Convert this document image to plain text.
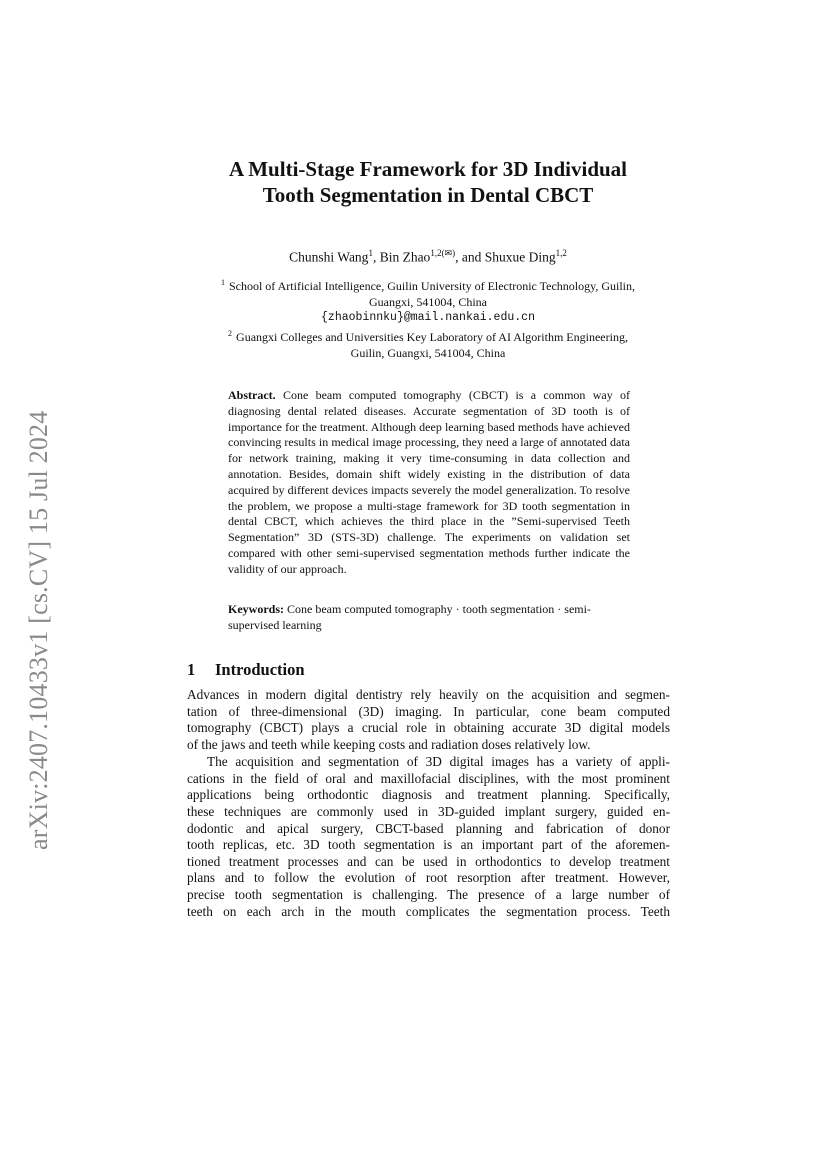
arXiv:2407.10433v1 [cs.CV] 15 Jul 2024
A Multi-Stage Framework for 3D Individual
Tooth Segmentation in Dental CBCT
Chunshi Wang$^1$, Bin Zhao$^{1,2(✉)}$, and Shuxue Ding$^{1,2}$
$^1$ School of Artificial Intelligence, Guilin University of Electronic Technology, Guilin,
Guangxi, 541004, China
{zhaobinnku}@mail.nankai.edu.cn
$^2$ Guangxi Colleges and Universities Key Laboratory of AI Algorithm Engineering,
Guilin, Guangxi, 541004, China
Abstract. Cone beam computed tomography (CBCT) is a common way of diagnosing dental related diseases. Accurate segmentation of 3D tooth is of importance for the treatment. Although deep learning based methods have achieved convincing results in medical image processing, they need a large of annotated data for network training, making it very time-consuming in data collection and annotation. Besides, domain shift widely existing in the distribution of data acquired by different devices impacts severely the model generalization. To resolve the problem, we propose a multi-stage framework for 3D tooth segmentation in dental CBCT, which achieves the third place in the ”Semi-supervised Teeth Segmentation” 3D (STS-3D) challenge. The experiments on validation set compared with other semi-supervised segmentation methods further indicate the validity of our approach.
Keywords: Cone beam computed tomography · tooth segmentation · semi-supervised learning
1 Introduction
Advances in modern digital dentistry rely heavily on the acquisition and segmen-
tation of three-dimensional (3D) imaging. In particular, cone beam computed
tomography (CBCT) plays a crucial role in obtaining accurate 3D digital models
of the jaws and teeth while keeping costs and radiation doses relatively low.
The acquisition and segmentation of 3D digital images has a variety of appli-
cations in the field of oral and maxillofacial disciplines, with the most prominent
applications being orthodontic diagnosis and treatment planning. Specifically,
these techniques are commonly used in 3D-guided implant surgery, guided en-
dodontic and apical surgery, CBCT-based planning and fabrication of donor
tooth replicas, etc. 3D tooth segmentation is an important part of the aforemen-
tioned treatment processes and can be used in orthodontics to develop treatment
plans and to follow the evolution of root resorption after treatment. However,
precise tooth segmentation is challenging. The presence of a large number of
teeth on each arch in the mouth complicates the segmentation process. Teeth
